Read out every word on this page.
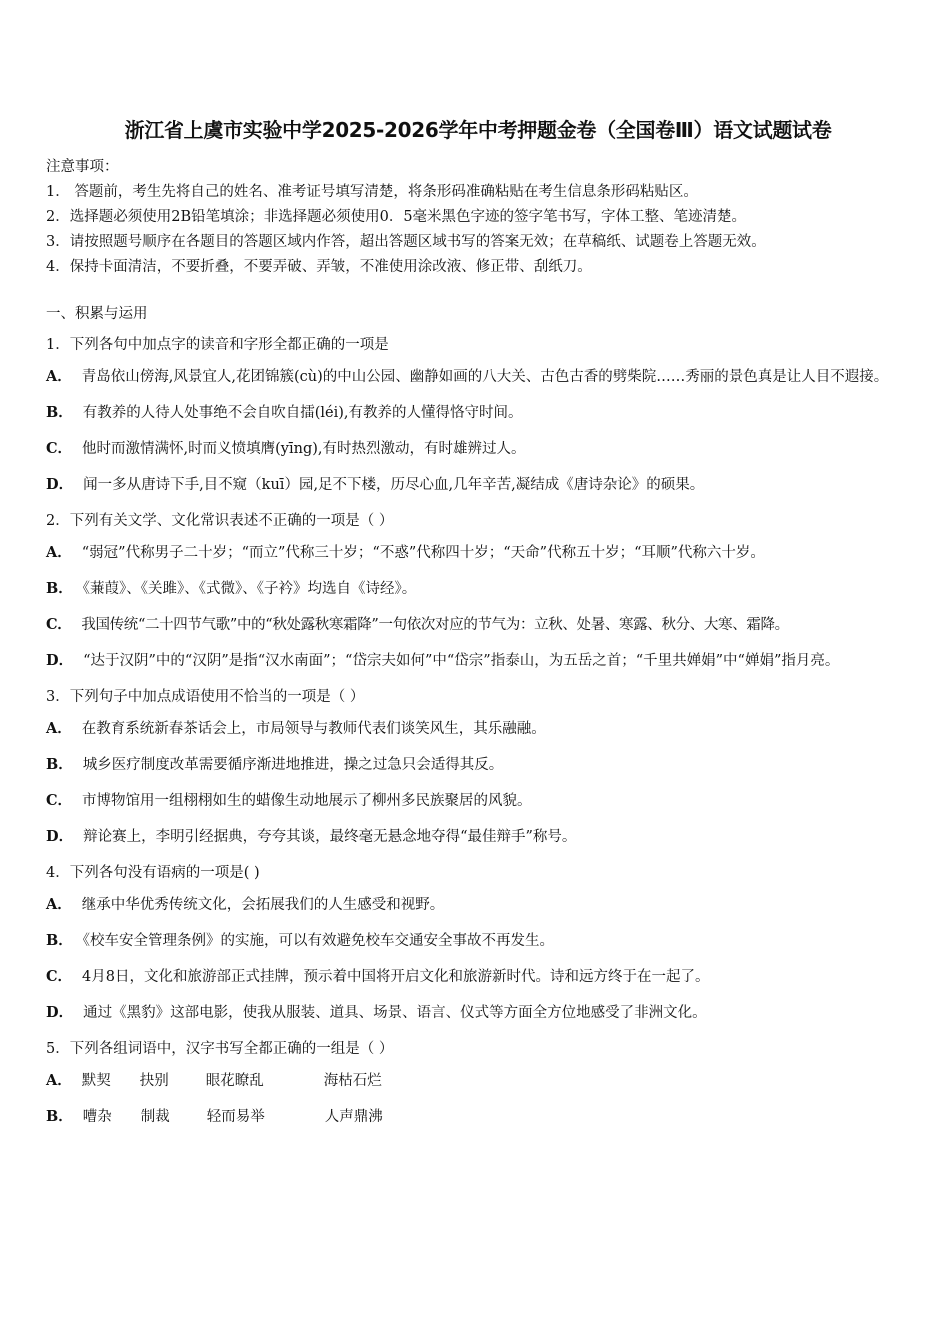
浙江省上虞市实验中学2025-2026学年中考押题金卷（全国卷Ⅲ）语文试题试卷
注意事项：
1． 答题前，考生先将自己的姓名、准考证号填写清楚，将条形码准确粘贴在考生信息条形码粘贴区。
2．选择题必须使用2B铅笔填涂；非选择题必须使用0．5毫米黑色字迹的签字笔书写，字体工整、笔迹清楚。
3．请按照题号顺序在各题目的答题区域内作答，超出答题区域书写的答案无效；在草稿纸、试题卷上答题无效。
4．保持卡面清洁，不要折叠，不要弄破、弄皱，不准使用涂改液、修正带、刮纸刀。
一、积累与运用
1．下列各句中加点字的读音和字形全都正确的一项是
A． 青岛依山傍海,风景宜人,花团锦簇(cù)的中山公园、幽静如画的八大关、古色古香的劈柴院……秀丽的景色真是让人目不遐接。
B． 有教养的人待人处事绝不会自吹自擂(léi),有教养的人懂得恪守时间。
C． 他时而激情满怀,时而义愤填膺(yīng),有时热烈激动，有时雄辨过人。
D． 闻一多从唐诗下手,目不窥（kuī）园,足不下楼，历尽心血,几年辛苦,凝结成《唐诗杂论》的硕果。
2．下列有关文学、文化常识表述不正确的一项是（ ）
A． “弱冠”代称男子二十岁；“而立”代称三十岁；“不惑”代称四十岁；“天命”代称五十岁；“耳顺”代称六十岁。
B． 《蒹葭》、《关雎》、《式微》、《子衿》均选自《诗经》。
C． 我国传统“二十四节气歌”中的“秋处露秋寒霜降”一句依次对应的节气为：立秋、处暑、寒露、秋分、大寒、霜降。
D． “达于汉阴”中的“汉阴”是指“汉水南面”；“岱宗夫如何”中“岱宗”指泰山，为五岳之首；“千里共婵娟”中“婵娟”指月亮。
3．下列句子中加点成语使用不恰当的一项是（ ）
A． 在教育系统新春茶话会上，市局领导与教师代表们谈笑风生，其乐融融。
B． 城乡医疗制度改革需要循序渐进地推进，操之过急只会适得其反。
C． 市博物馆用一组栩栩如生的蜡像生动地展示了柳州多民族聚居的风貌。
D． 辩论赛上，李明引经据典，夸夸其谈，最终毫无悬念地夺得“最佳辩手”称号。
4．下列各句没有语病的一项是( )
A． 继承中华优秀传统文化，会拓展我们的人生感受和视野。
B． 《校车安全管理条例》的实施，可以有效避免校车交通安全事故不再发生。
C． 4月8日，文化和旅游部正式挂牌，预示着中国将开启文化和旅游新时代。诗和远方终于在一起了。
D． 通过《黑豹》这部电影，使我从服装、道具、场景、语言、仪式等方面全方位地感受了非洲文化。
5．下列各组词语中，汉字书写全都正确的一组是（ ）
A． 默契 抉别	眼花瞭乱	海枯石烂
B． 嘈杂 制裁	轻而易举	人声鼎沸
